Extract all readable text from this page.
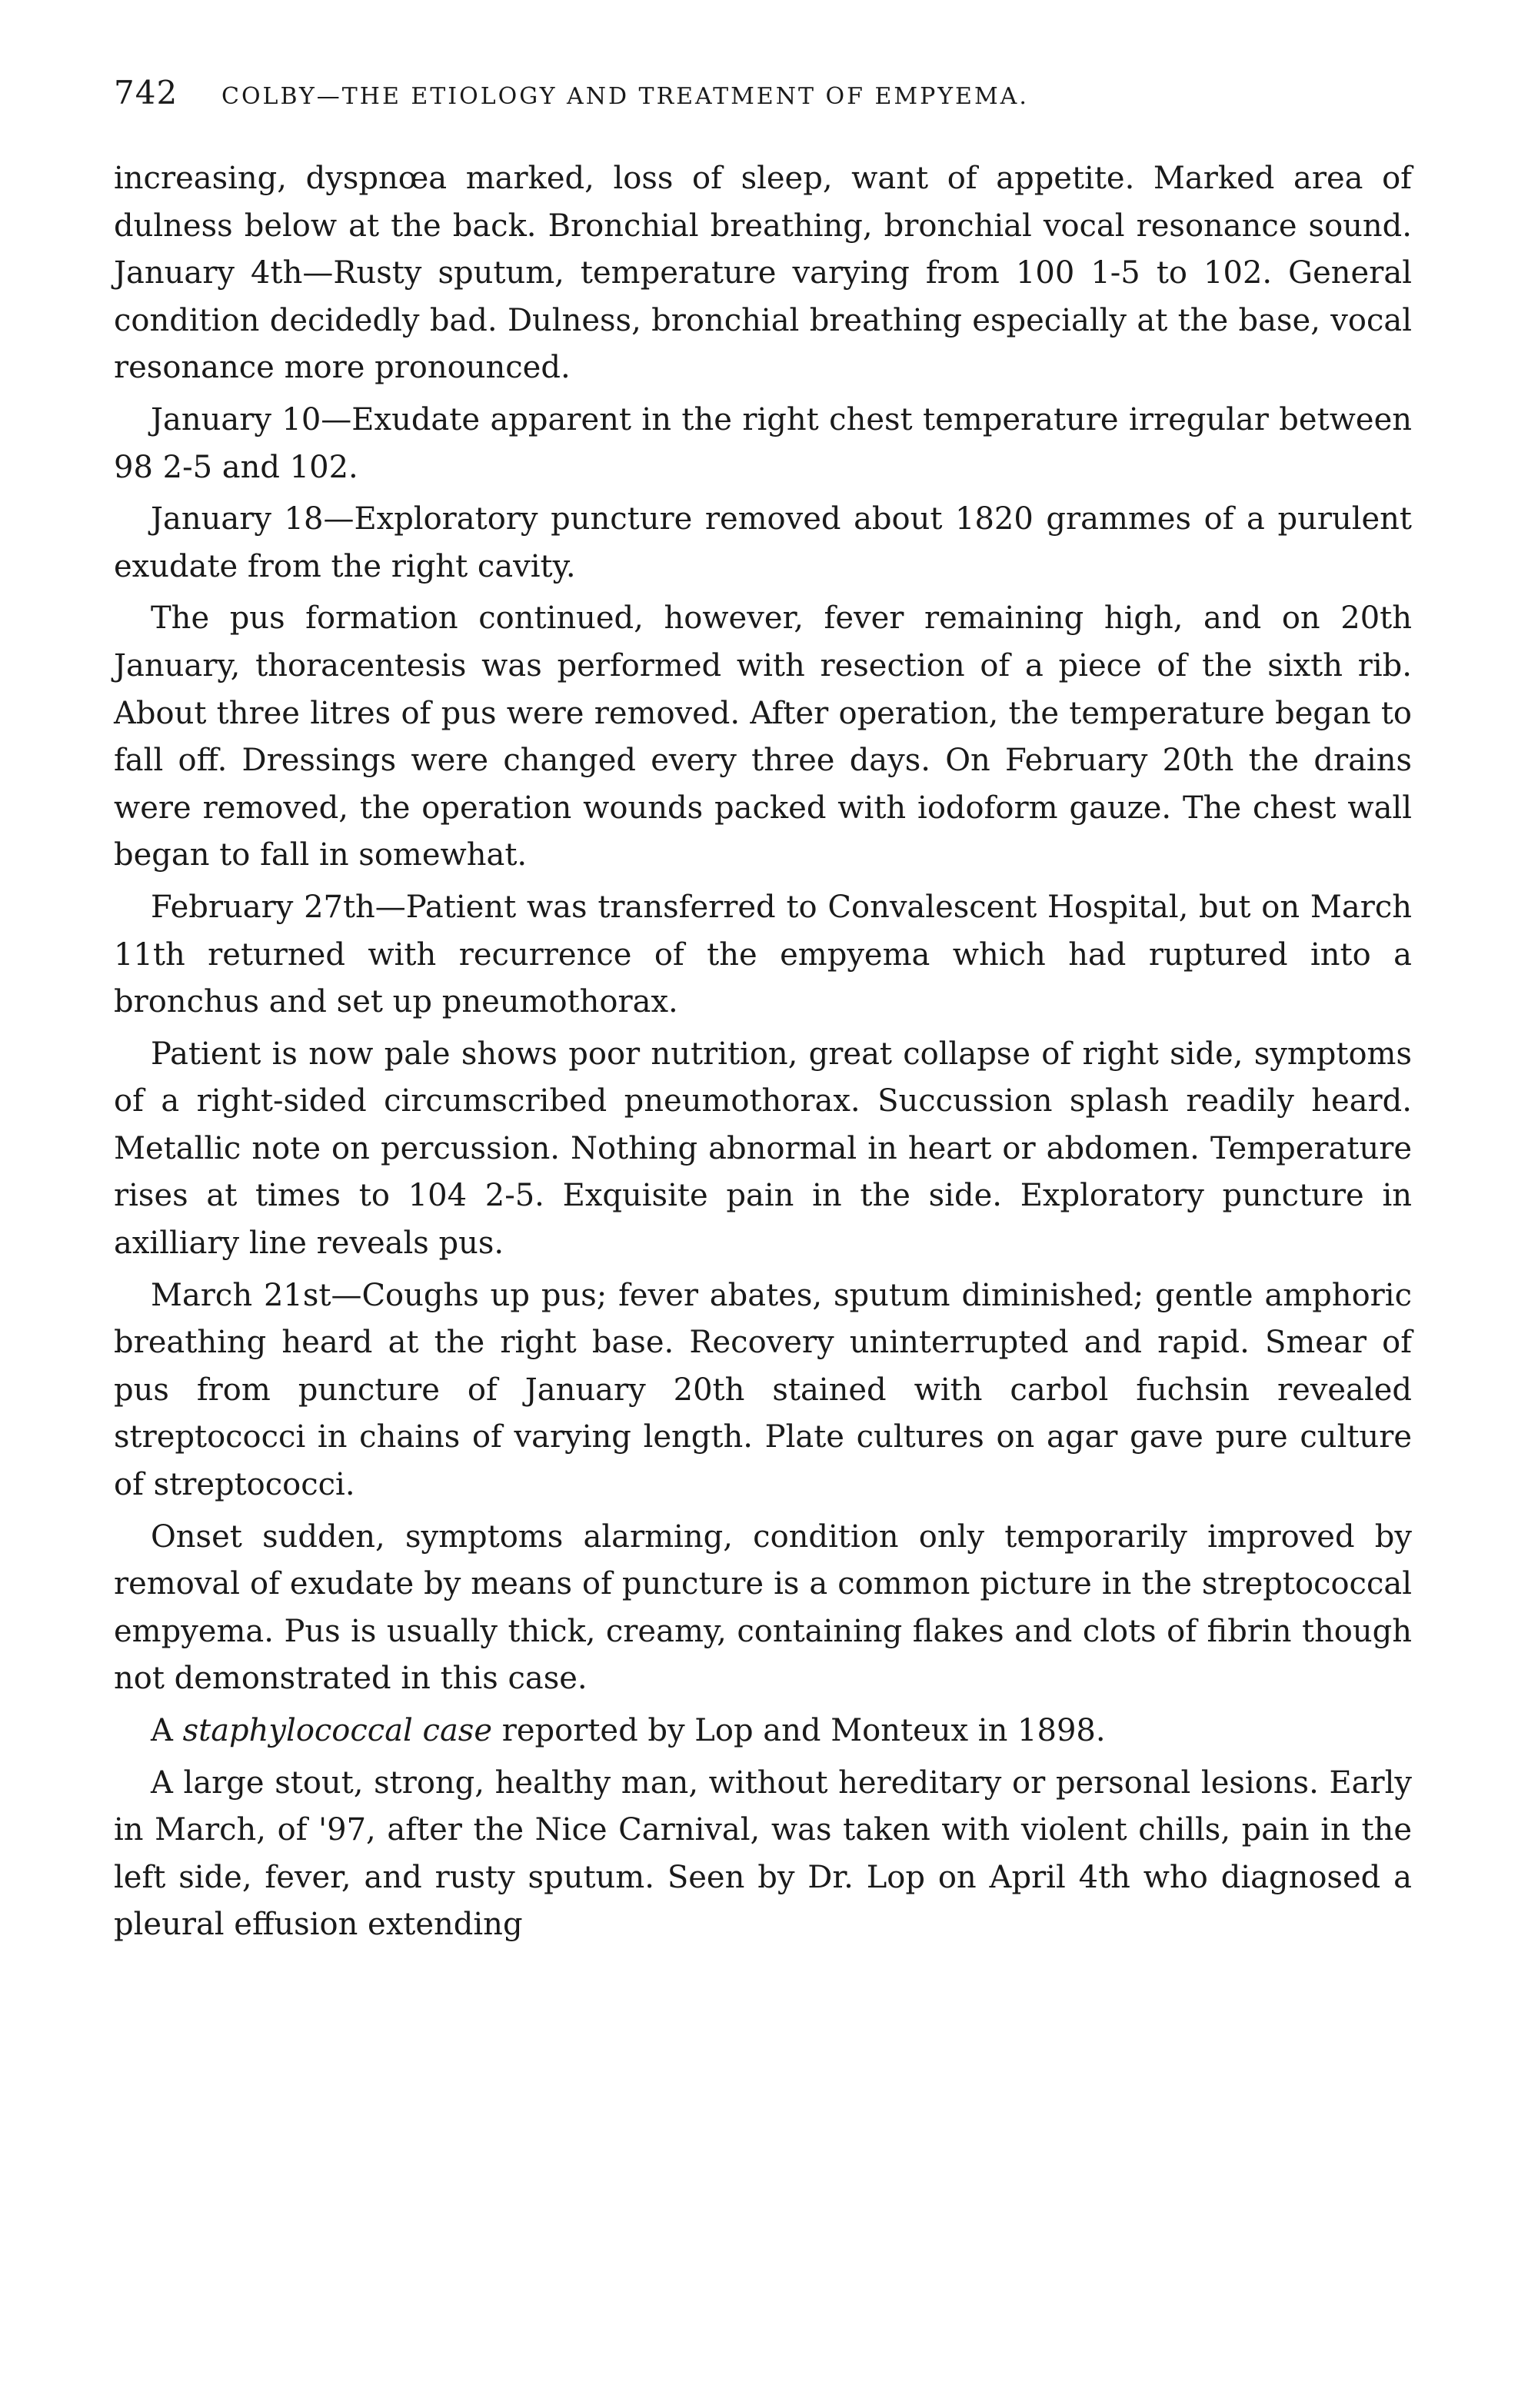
742	COLBY—THE ETIOLOGY AND TREATMENT OF EMPYEMA.

increasing, dyspnœa marked, loss of sleep, want of appetite. Marked area of dulness below at the back. Bronchial breathing, bronchial vocal resonance sound. January 4th—Rusty sputum, temperature varying from 100 1-5 to 102. General condition decidedly bad. Dulness, bronchial breathing especially at the base, vocal resonance more pronounced.

January 10—Exudate apparent in the right chest temperature irregular between 98 2-5 and 102.

January 18—Exploratory puncture removed about 1820 grammes of a purulent exudate from the right cavity.

The pus formation continued, however, fever remaining high, and on 20th January, thoracentesis was performed with resection of a piece of the sixth rib. About three litres of pus were removed. After operation, the temperature began to fall off. Dressings were changed every three days. On February 20th the drains were removed, the operation wounds packed with iodoform gauze. The chest wall began to fall in somewhat.

February 27th—Patient was transferred to Convalescent Hospital, but on March 11th returned with recurrence of the empyema which had ruptured into a bronchus and set up pneumothorax.

Patient is now pale shows poor nutrition, great collapse of right side, symptoms of a right-sided circumscribed pneumothorax. Succussion splash readily heard. Metallic note on percussion. Nothing abnormal in heart or abdomen. Temperature rises at times to 104 2-5. Exquisite pain in the side. Exploratory puncture in axilliary line reveals pus.

March 21st—Coughs up pus; fever abates, sputum diminished; gentle amphoric breathing heard at the right base. Recovery uninterrupted and rapid. Smear of pus from puncture of January 20th stained with carbol fuchsin revealed streptococci in chains of varying length. Plate cultures on agar gave pure culture of streptococci.

Onset sudden, symptoms alarming, condition only temporarily improved by removal of exudate by means of puncture is a common picture in the streptococcal empyema. Pus is usually thick, creamy, containing flakes and clots of fibrin though not demonstrated in this case.

A staphylococcal case reported by Lop and Monteux in 1898.

A large stout, strong, healthy man, without hereditary or personal lesions. Early in March, of '97, after the Nice Carnival, was taken with violent chills, pain in the left side, fever, and rusty sputum. Seen by Dr. Lop on April 4th who diagnosed a pleural effusion extending
